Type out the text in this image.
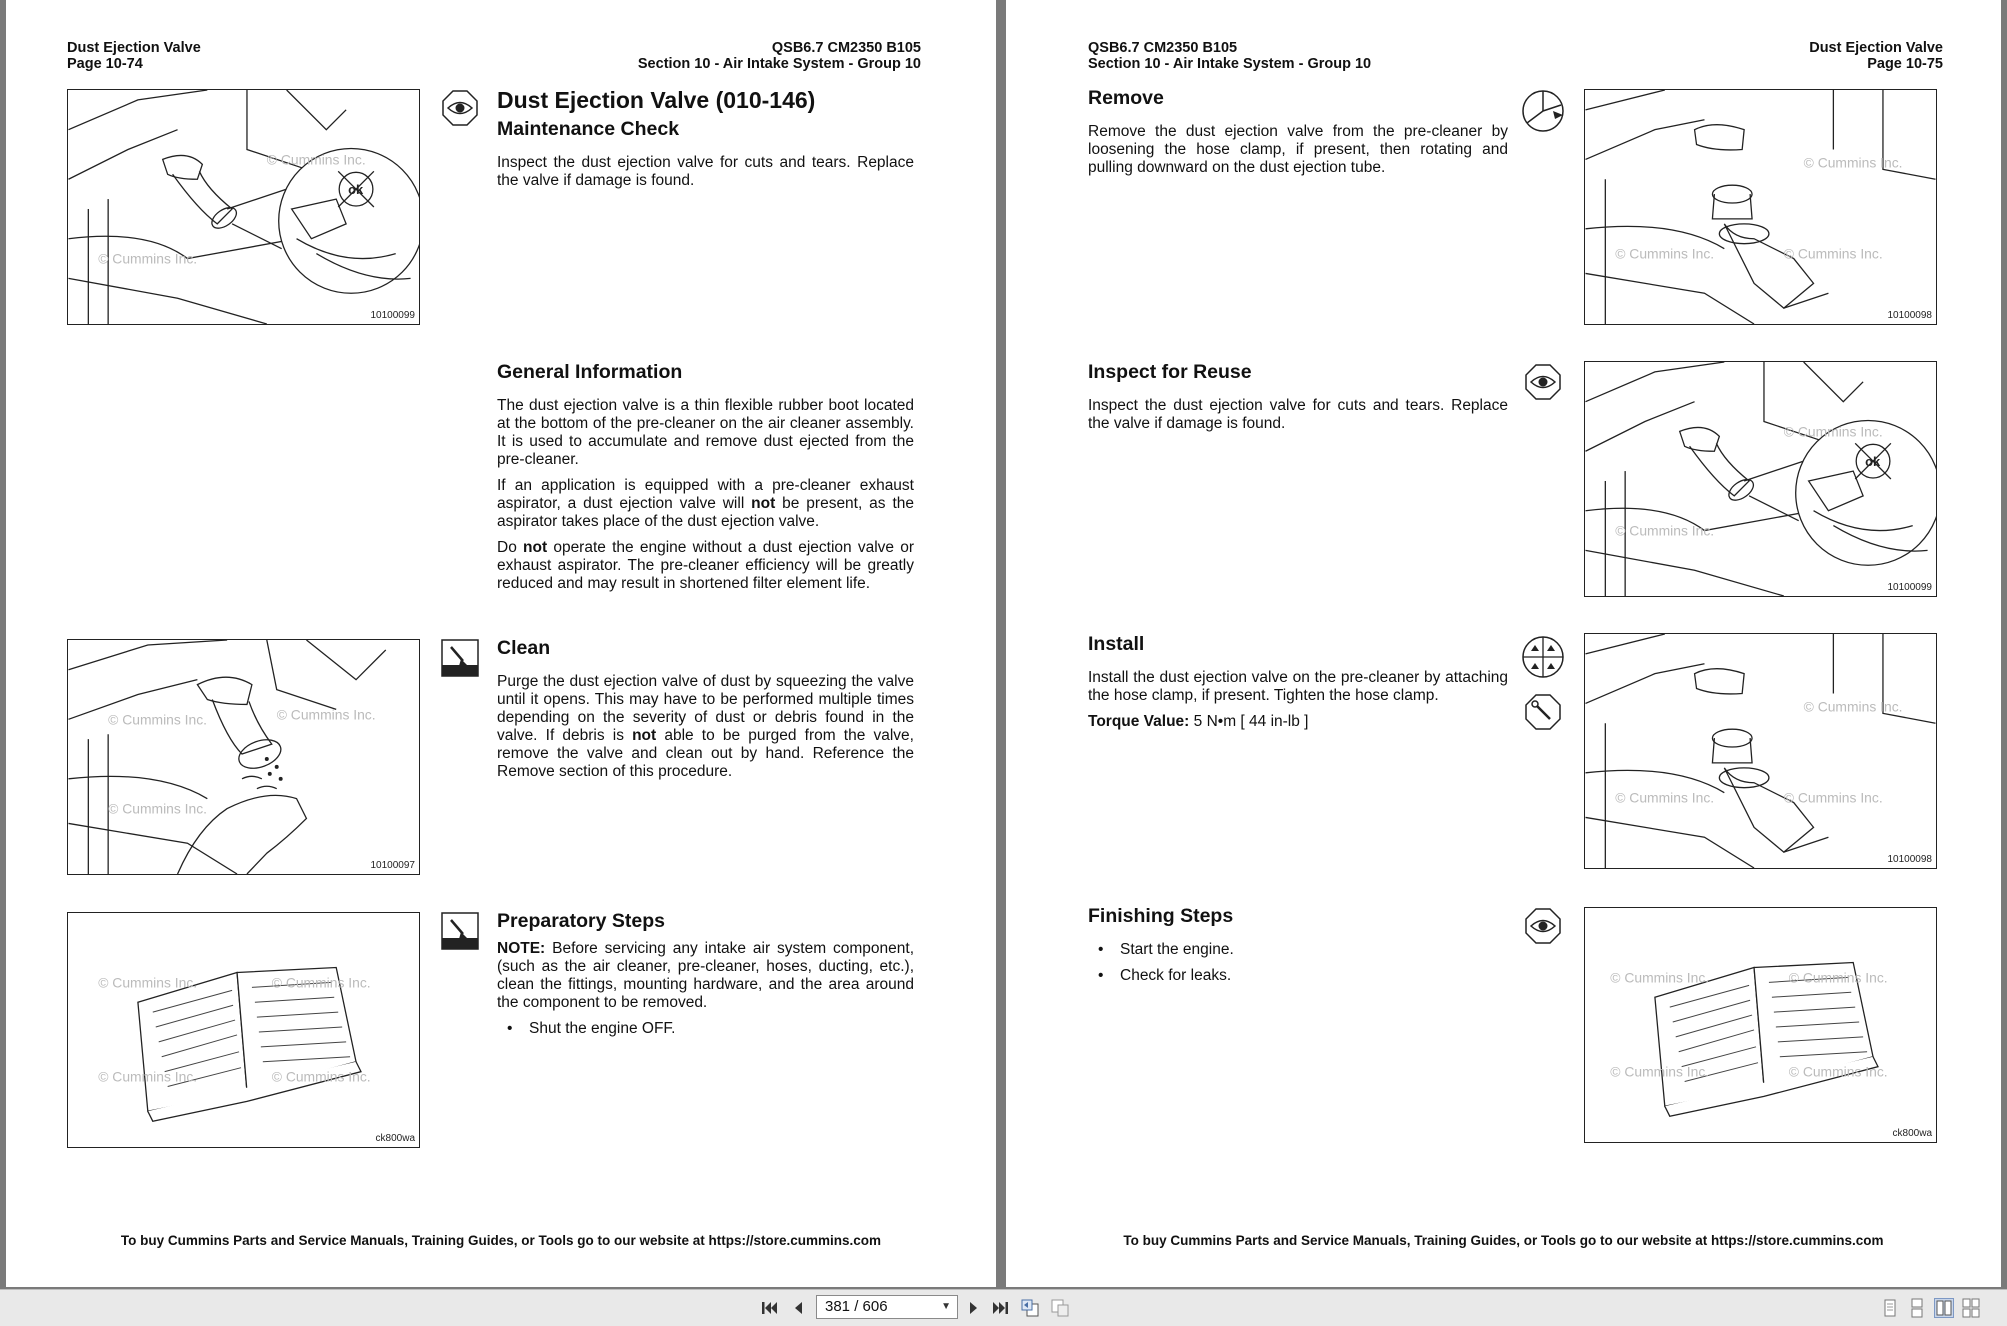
Dust Ejection Valve
Page 10-74
QSB6.7 CM2350 B105
Section 10 - Air Intake System - Group 10
ok
© Cummins Inc.
© Cummins Inc.
10100099
Dust Ejection Valve (010-146)
Maintenance Check

Inspect the dust ejection valve for cuts and tears. Replace the valve if damage is found.

General Information

The dust ejection valve is a thin flexible rubber boot located at the bottom of the pre-cleaner on the air cleaner assembly. It is used to accumulate and remove dust ejected from the pre-cleaner.

If an application is equipped with a pre-cleaner exhaust aspirator, a dust ejection valve will not be present, as the aspirator takes place of the dust ejection valve.

Do not operate the engine without a dust ejection valve or exhaust aspirator. The pre-cleaner efficiency will be greatly reduced and may result in shortened filter element life.

© Cummins Inc.	© Cummins Inc.
© Cummins Inc.
10100097
Clean

Purge the dust ejection valve of dust by squeezing the valve until it opens. This may have to be performed multiple times depending on the severity of dust or debris found in the valve. If debris is not able to be purged from the valve, remove the valve and clean out by hand. Reference the Remove section of this procedure.

© Cummins Inc.	© Cummins Inc.
© Cummins Inc.	© Cummins Inc.
ck800wa
Preparatory Steps

NOTE: Before servicing any intake air system component, (such as the air cleaner, pre-cleaner, hoses, ducting, etc.), clean the fittings, mounting hardware, and the area around the component to be removed.

• Shut the engine OFF.
To buy Cummins Parts and Service Manuals, Training Guides, or Tools go to our website at https://store.cummins.com
QSB6.7 CM2350 B105
Section 10 - Air Intake System - Group 10
Dust Ejection Valve
Page 10-75
Remove

Remove the dust ejection valve from the pre-cleaner by loosening the hose clamp, if present, then rotating and pulling downward on the dust ejection tube.

© Cummins Inc.	© Cummins Inc.
© Cummins Inc.
10100098
Inspect for Reuse

Inspect the dust ejection valve for cuts and tears. Replace the valve if damage is found.

ok
© Cummins Inc.
© Cummins Inc.
10100099
Install

Install the dust ejection valve on the pre-cleaner by attaching the hose clamp, if present. Tighten the hose clamp.

Torque Value: 5 N•m [ 44 in-lb ]

© Cummins Inc.	© Cummins Inc.
© Cummins Inc.
10100098
Finishing Steps
• Start the engine.
• Check for leaks.	© Cummins Inc.	© Cummins Inc.
© Cummins Inc.	© Cummins Inc.
ck800wa
To buy Cummins Parts and Service Manuals, Training Guides, or Tools go to our website at https://store.cummins.com
381 / 606	▼
